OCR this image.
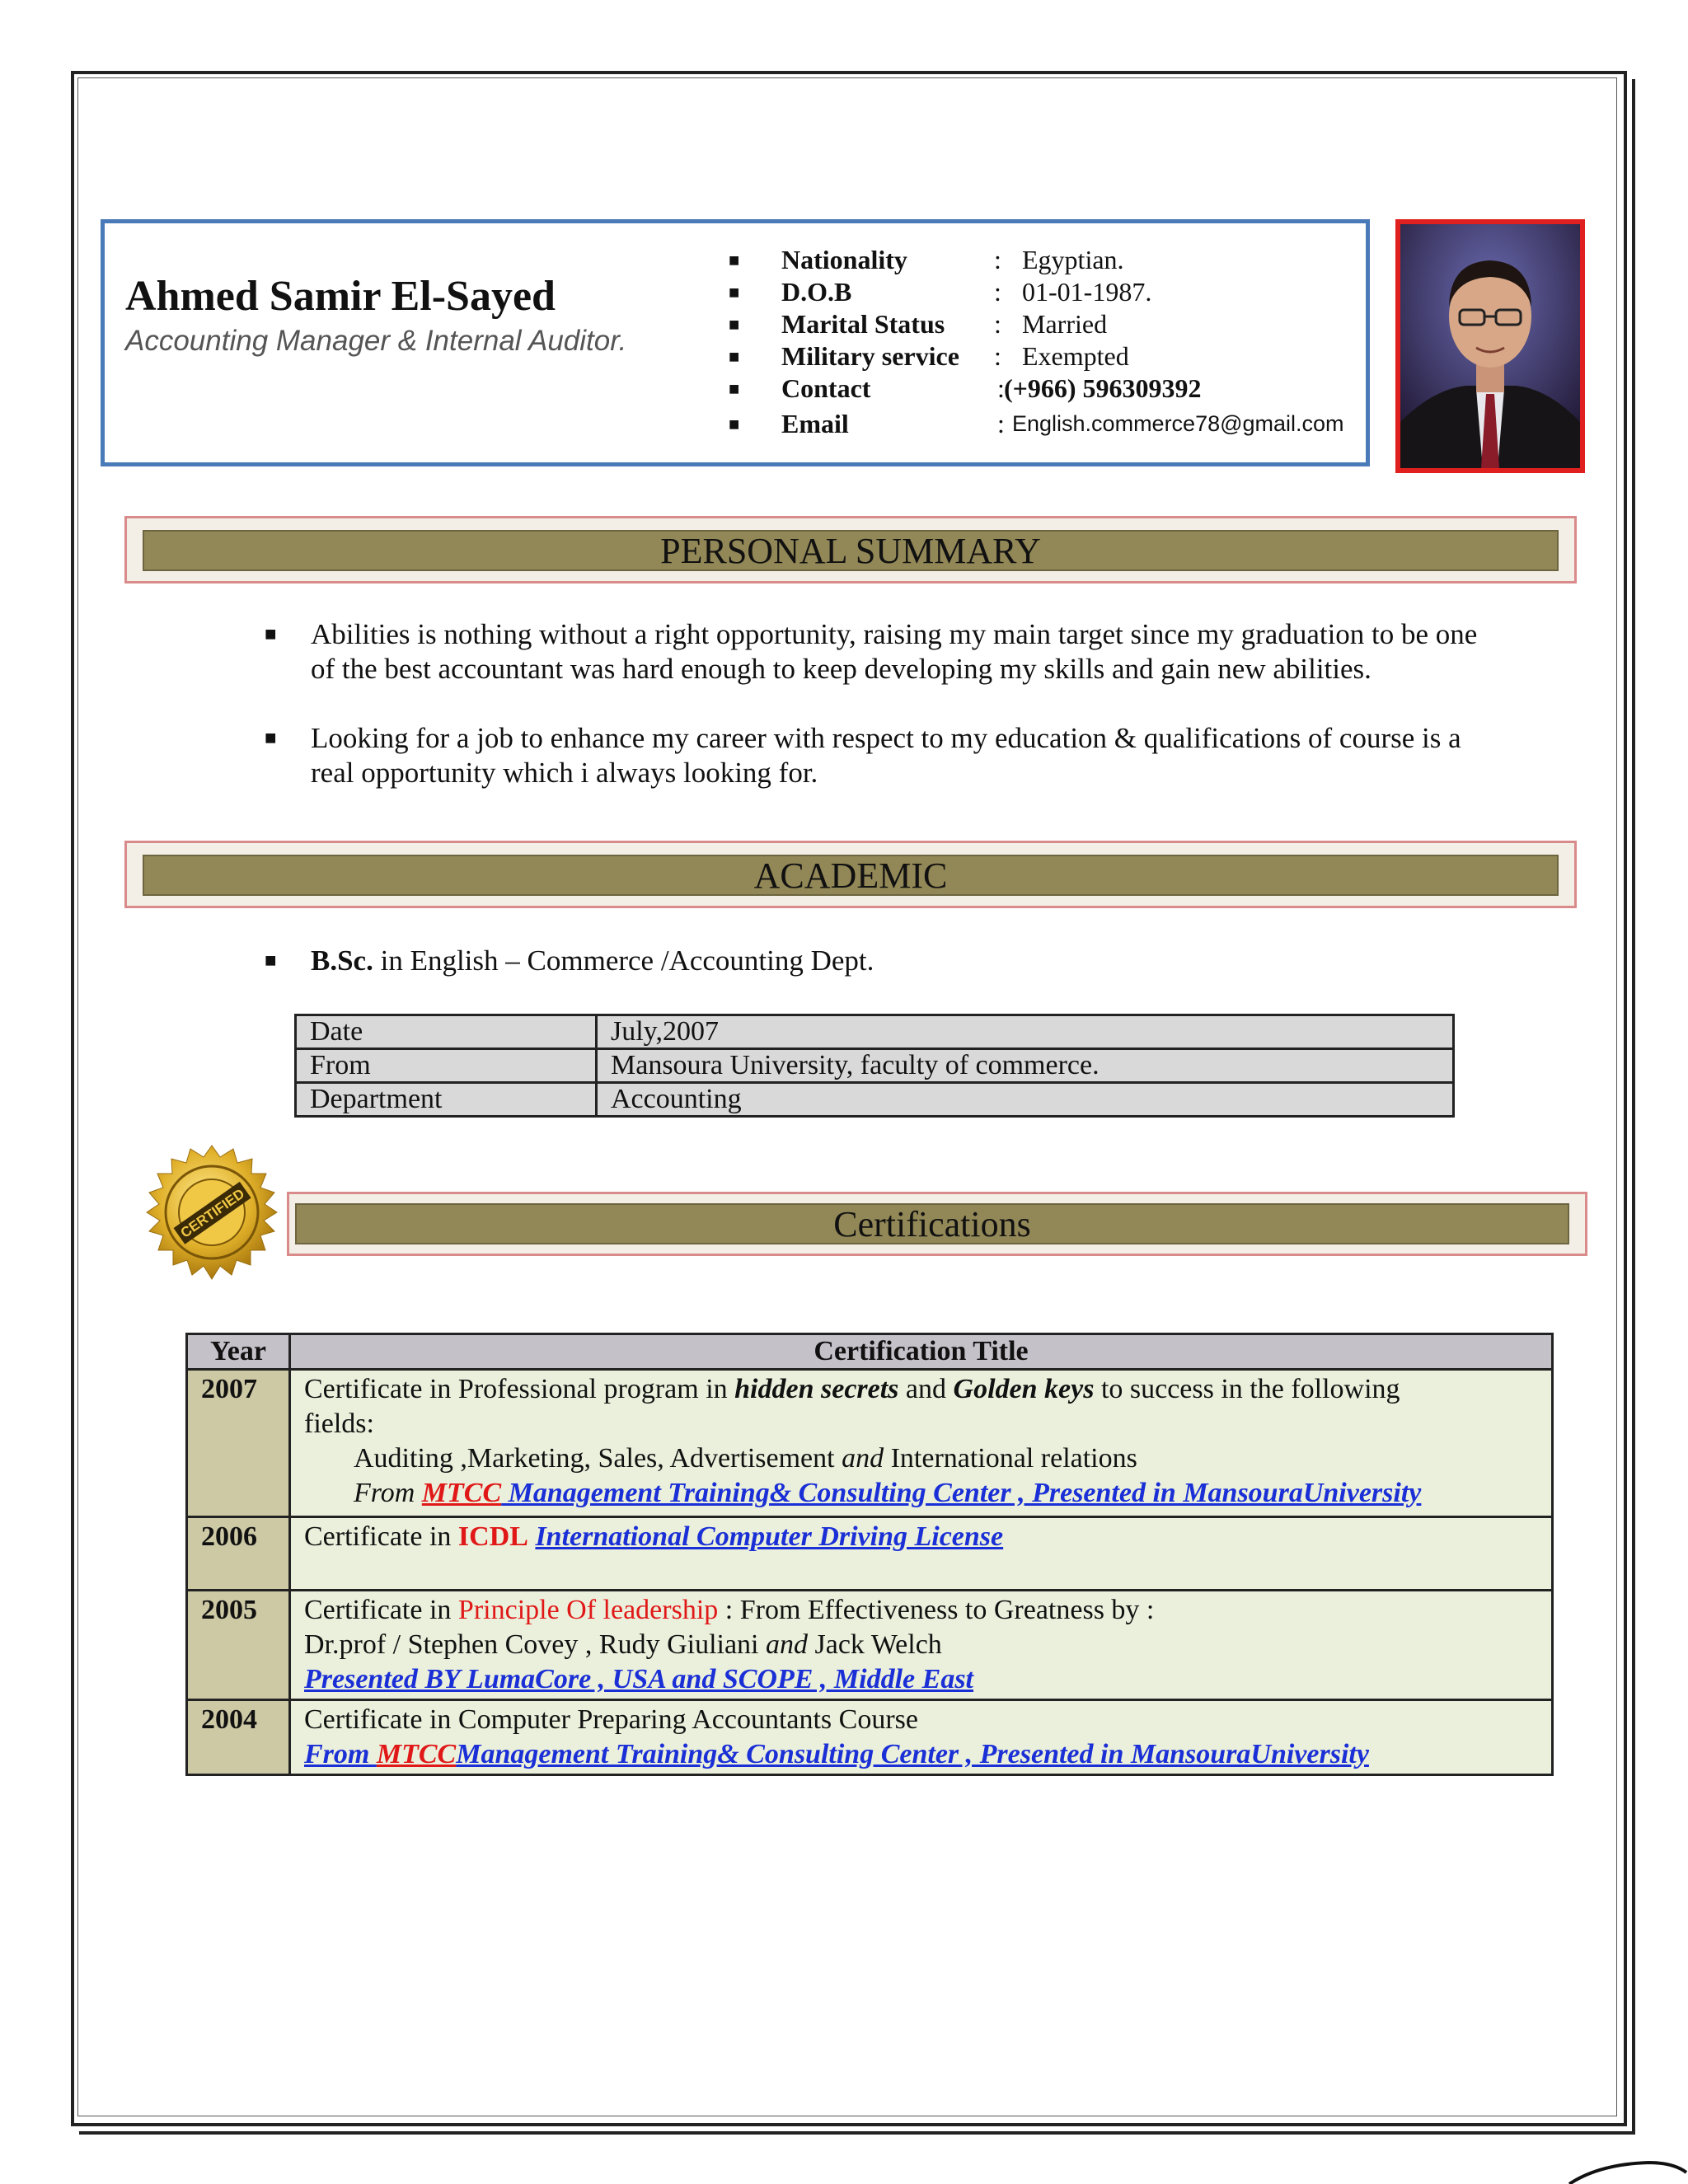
Ahmed Samir El-Sayed
Accounting Manager & Internal Auditor.
■ Nationality	: Egyptian.
■ D.O.B	: 01-01-1987.
■ Marital Status : Married
■ Military service : Exempted
■ Contact	: (+966) 596309392
■ Email	: English.commerce78@gmail.com
PERSONAL SUMMARY
■ Abilities is nothing without a right opportunity, raising my main target since my graduation to be one
of the best accountant was hard enough to keep developing my skills and gain new abilities.
■ Looking for a job to enhance my career with respect to my education & qualifications of course is a
real opportunity which i always looking for.
ACADEMIC
■ B.Sc. in English – Commerce /Accounting Dept.
Date	July,2007
From	Mansoura University, faculty of commerce.
Department	Accounting
Certifications
CERTIFIED
Year	Certification Title
2007	Certificate in Professional program in hidden secrets and Golden keys to success in the following
fields:
Auditing ,Marketing, Sales, Advertisement and International relations
From MTCC Management Training& Consulting Center , Presented in MansouraUniversity

2006	Certificate in ICDL International Computer Driving License
2005	Certificate in Principle Of leadership : From Effectiveness to Greatness by :
Dr.prof / Stephen Covey , Rudy Giuliani and Jack Welch
Presented BY LumaCore , USA and SCOPE , Middle East

2004	Certificate in Computer Preparing Accountants Course
From MTCCManagement Training& Consulting Center , Presented in MansouraUniversity
